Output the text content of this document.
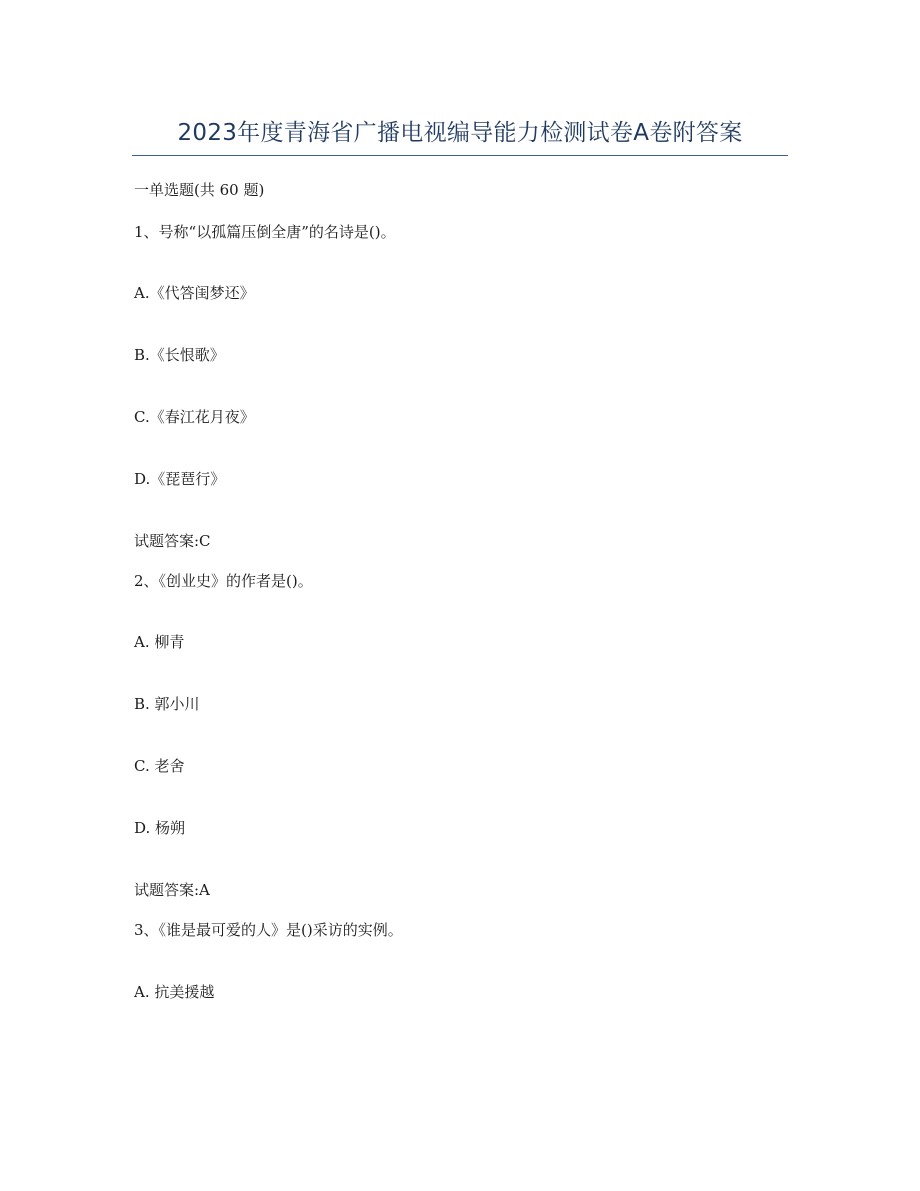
2023年度青海省广播电视编导能力检测试卷A卷附答案
一单选题(共 60 题)
1、号称“以孤篇压倒全唐”的名诗是()。
A.《代答闺梦还》
B.《长恨歌》
C.《春江花月夜》
D.《琵琶行》
试题答案:C
2、《创业史》的作者是()。
A. 柳青
B. 郭小川
C. 老舍
D. 杨朔
试题答案:A
3、《谁是最可爱的人》是()采访的实例。
A. 抗美援越
